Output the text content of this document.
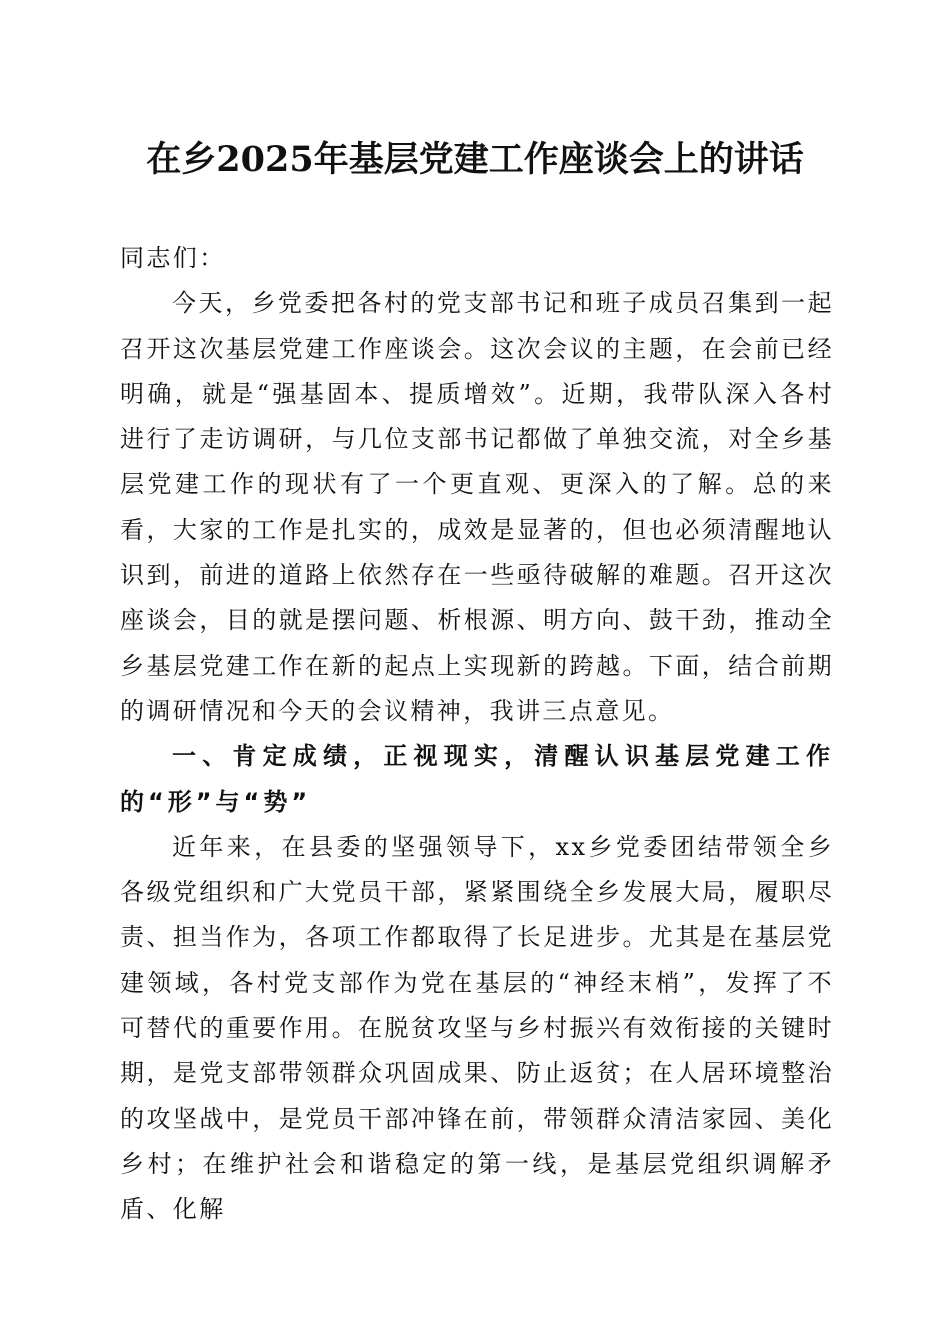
在乡2025年基层党建工作座谈会上的讲话

同志们：

今天，乡党委把各村的党支部书记和班子成员召集到一起召开这次基层党建工作座谈会。这次会议的主题，在会前已经明确，就是“强基固本、提质增效”。近期，我带队深入各村进行了走访调研，与几位支部书记都做了单独交流，对全乡基层党建工作的现状有了一个更直观、更深入的了解。总的来看，大家的工作是扎实的，成效是显著的，但也必须清醒地认识到，前进的道路上依然存在一些亟待破解的难题。召开这次座谈会，目的就是摆问题、析根源、明方向、鼓干劲，推动全乡基层党建工作在新的起点上实现新的跨越。下面，结合前期的调研情况和今天的会议精神，我讲三点意见。

一、肯定成绩，正视现实，清醒认识基层党建工作的“形”与“势”

近年来，在县委的坚强领导下，xx乡党委团结带领全乡各级党组织和广大党员干部，紧紧围绕全乡发展大局，履职尽责、担当作为，各项工作都取得了长足进步。尤其是在基层党建领域，各村党支部作为党在基层的“神经末梢”，发挥了不可替代的重要作用。在脱贫攻坚与乡村振兴有效衔接的关键时期，是党支部带领群众巩固成果、防止返贫；在人居环境整治的攻坚战中，是党员干部冲锋在前，带领群众清洁家园、美化乡村；在维护社会和谐稳定的第一线，是基层党组织调解矛盾、化解
